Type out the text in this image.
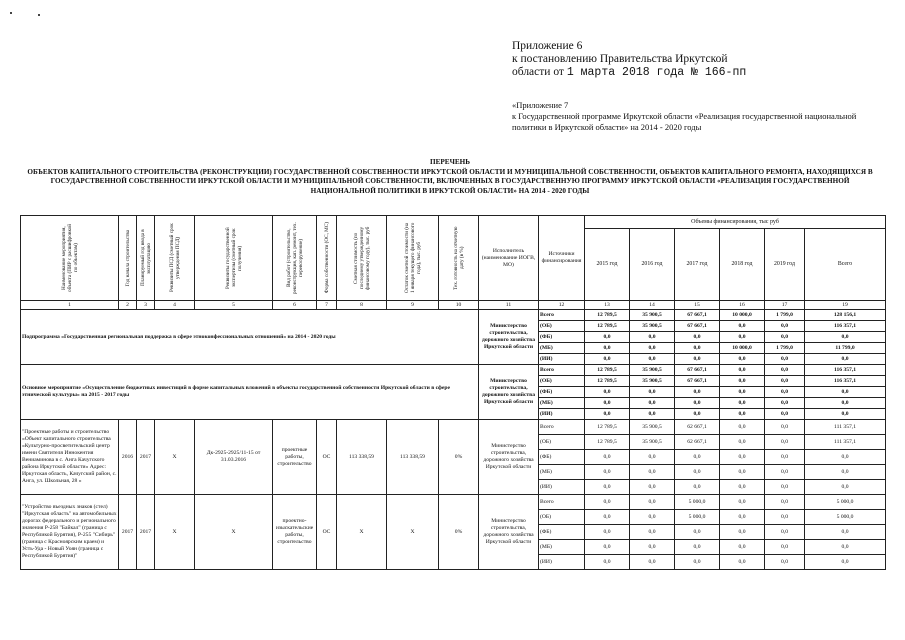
Приложение 6
к постановлению Правительства Иркутской
области от 1 марта 2018 года № 166-пп
«Приложение 7
к Государственной программе Иркутской области «Реализация государственной национальной политики в Иркутской области» на 2014 - 2020 годы
ПЕРЕЧЕНЬ
ОБЪЕКТОВ КАПИТАЛЬНОГО СТРОИТЕЛЬСТВА (РЕКОНСТРУКЦИИ) ГОСУДАРСТВЕННОЙ СОБСТВЕННОСТИ ИРКУТСКОЙ ОБЛАСТИ И МУНИЦИПАЛЬНОЙ СОБСТВЕННОСТИ, ОБЪЕКТОВ КАПИТАЛЬНОГО РЕМОНТА, НАХОДЯЩИХСЯ В ГОСУДАРСТВЕННОЙ СОБСТВЕННОСТИ ИРКУТСКОЙ ОБЛАСТИ И МУНИЦИПАЛЬНОЙ СОБСТВЕННОСТИ, ВКЛЮЧЕННЫХ В ГОСУДАРСТВЕННУЮ ПРОГРАММУ ИРКУТСКОЙ ОБЛАСТИ «РЕАЛИЗАЦИЯ ГОСУДАРСТВЕННОЙ НАЦИОНАЛЬНОЙ ПОЛИТИКИ В ИРКУТСКОЙ ОБЛАСТИ» НА 2014 - 2020 ГОДЫ
Наименование мероприятия, объекта (ПИР с расшифровкой по объектам)	Год начала строительства	Планируемый год ввода в эксплуатацию	Реквизиты ПСД (сметный срок утверждения ПСД)	Реквизиты государственной экспертизы (сметный срок получения)	Вид работ (строительство, реконструкция, кап. ремонт, тех. перевооружение)	Форма собственности (ОС, МС)	Сметная стоимость (по последнему утвержденному финансовому году), тыс. руб	Остаток сметной стоимости (на 1 января текущего финансового года), тыс. руб	Тех. готовность на отчетную дату (в %)	Исполнитель (наименование ИОГВ, МО)	Источники финансирования	Объемы финансирования, тыс руб					
												2015 год	2016 год	2017 год	2018 год	2019 год	Всего
1	2	3	4	5	6	7	8	9	10	11	12	13	14	15	16	17	19
Подпрограмма «Государственная региональная поддержка в сфере этноконфессиональных отношений» на 2014 - 2020 годы										Министерство строительства, дорожного хозяйства Иркутской области	Всего	12 789,5	35 900,5	67 667,1	10 000,0	1 799,0	128 156,1
											(ОБ)	12 789,5	35 900,5	67 667,1	0,0	0,0	116 357,1
											(ФБ)	0,0	0,0	0,0	0,0	0,0	0,0
											(МБ)	0,0	0,0	0,0	10 000,0	1 799,0	11 799,0
											(ИИ)	0,0	0,0	0,0	0,0	0,0	0,0
Основное мероприятие «Осуществление бюджетных инвестиций в форме капитальных вложений в объекты государственной собственности Иркутской области в сфере этнической культуры» на 2015 - 2017 годы										Министерство строительства, дорожного хозяйства Иркутской области	Всего	12 789,5	35 900,5	67 667,1	0,0	0,0	116 357,1
											(ОБ)	12 789,5	35 900,5	67 667,1	0,0	0,0	116 357,1
											(ФБ)	0,0	0,0	0,0	0,0	0,0	0,0
											(МБ)	0,0	0,0	0,0	0,0	0,0	0,0
											(ИИ)	0,0	0,0	0,0	0,0	0,0	0,0
"Проектные работы и строительство «Объект капитального строительства «Культурно-просветительский центр имени Святителя Иннокентия Вениаминова в с. Анга Качугского района Иркутской области» Адрес: Иркутская область, Качугский район, с. Анга, ул. Школьная, 28 »	2016	2017	X	Дк-2925-2925/11-15 от 31.03.2016	проектные работы, строительство	ОС	113 338,59	113 338,59	0%	Министерство строительства, дорожного хозяйства Иркутской области	Всего	12 789,5	35 900,5	62 667,1	0,0	0,0	111 357,1
											(ОБ)	12 789,5	35 900,5	62 667,1	0,0	0,0	111 357,1
											(ФБ)	0,0	0,0	0,0	0,0	0,0	0,0
											(МБ)	0,0	0,0	0,0	0,0	0,0	0,0
											(ИИ)	0,0	0,0	0,0	0,0	0,0	0,0
"Устройство въездных знаков (стел) "Иркутская область" на автомобильных дорогах федерального и регионального значения Р-258 "Байкал" (граница с Республикой Бурятия), Р-255 "Сибирь" (граница с Красноярским краем) и Усть-Уда - Новый Уоян (граница с Республикой Бурятия)"	2017	2017	X	X	проектно-изыскательские работы, строительство	ОС	X	X	0%	Министерство строительства, дорожного хозяйства Иркутской области	Всего	0,0	0,0	5 000,0	0,0	0,0	5 000,0
											(ОБ)	0,0	0,0	5 000,0	0,0	0,0	5 000,0
											(ФБ)	0,0	0,0	0,0	0,0	0,0	0,0
											(МБ)	0,0	0,0	0,0	0,0	0,0	0,0
											(ИИ)	0,0	0,0	0,0	0,0	0,0	0,0
